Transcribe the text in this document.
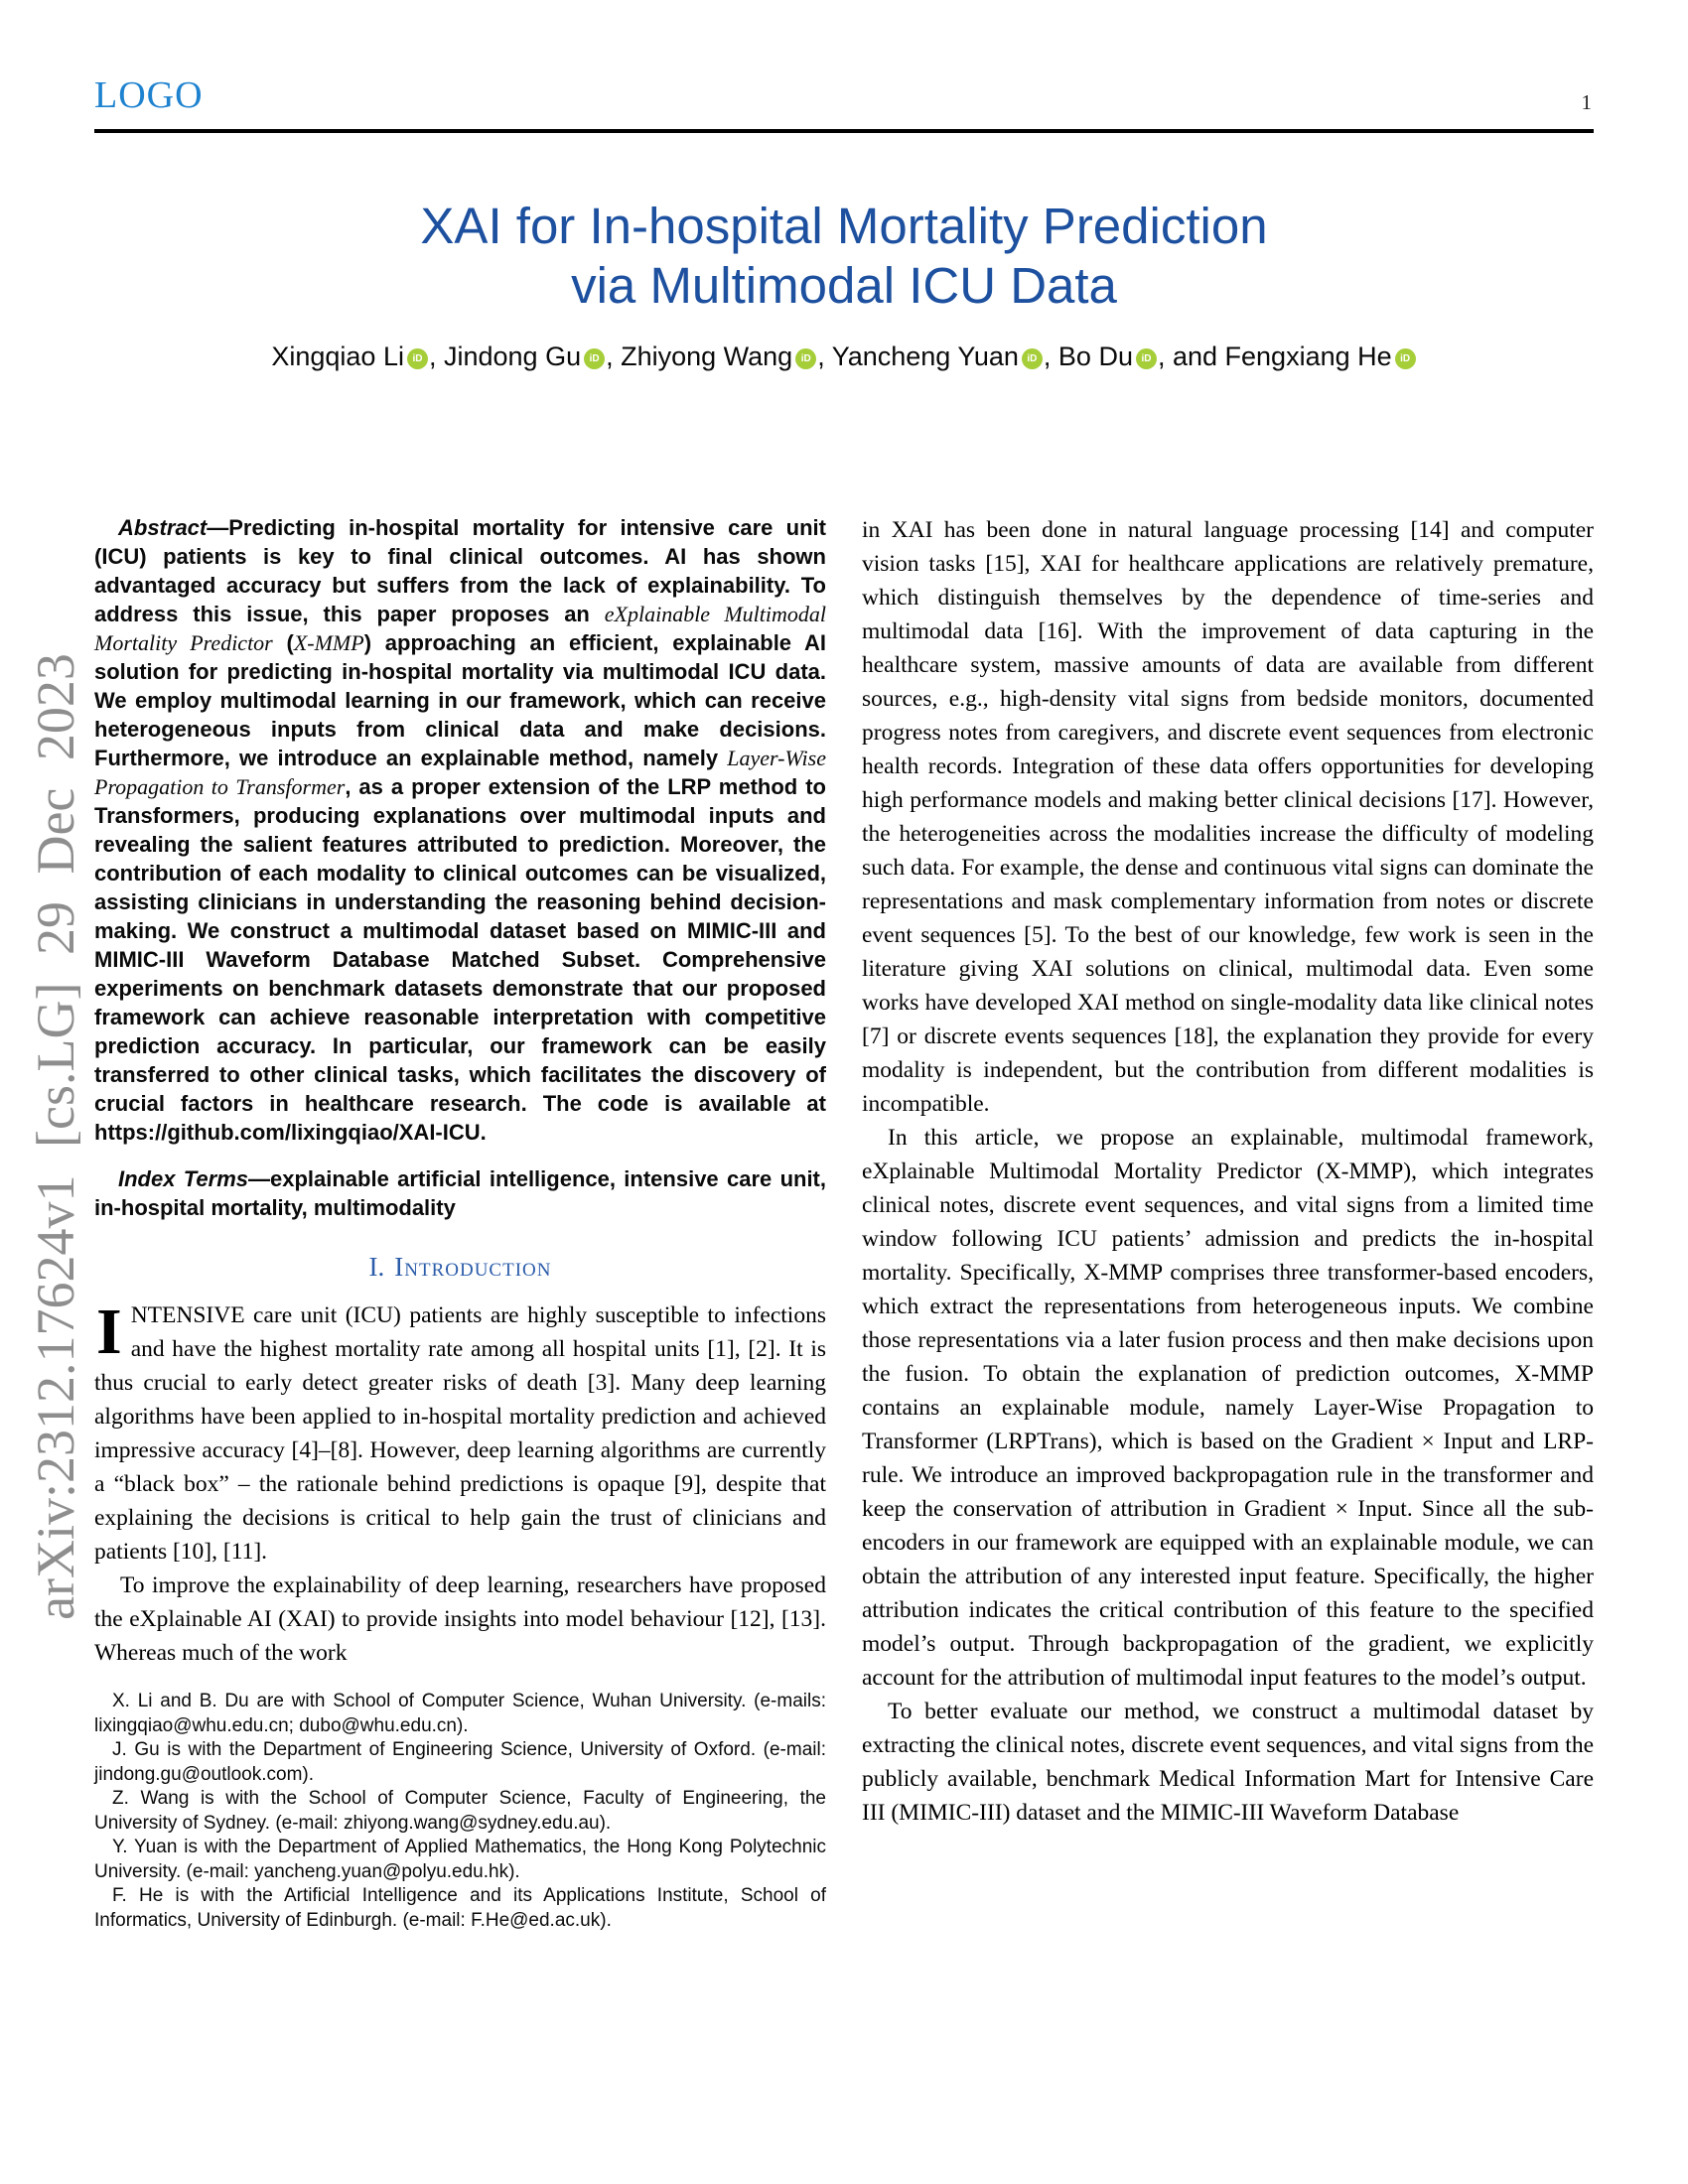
arXiv:2312.17624v1 [cs.LG] 29 Dec 2023
LOGO	1
XAI for In-hospital Mortality Prediction
via Multimodal ICU Data
Xingqiao Li iD , Jindong Gu iD , Zhiyong Wang iD , Yancheng Yuan iD , Bo Du iD , and Fengxiang He iD

Abstract—Predicting in-hospital mortality for intensive care unit (ICU) patients is key to final clinical outcomes. AI has shown advantaged accuracy but suffers from the lack of explainability. To address this issue, this paper proposes an eXplainable Multimodal Mortality Predictor (X-MMP) approaching an efficient, explainable AI solution for predicting in-hospital mortality via multimodal ICU data. We employ multimodal learning in our framework, which can receive heterogeneous inputs from clinical data and make decisions. Furthermore, we introduce an explainable method, namely Layer-Wise Propagation to Transformer, as a proper extension of the LRP method to Transformers, producing explanations over multimodal inputs and revealing the salient features attributed to prediction. Moreover, the contribution of each modality to clinical outcomes can be visualized, assisting clinicians in understanding the reasoning behind decision-making. We construct a multimodal dataset based on MIMIC-III and MIMIC-III Waveform Database Matched Subset. Comprehensive experiments on benchmark datasets demonstrate that our proposed framework can achieve reasonable interpretation with competitive prediction accuracy. In particular, our framework can be easily transferred to other clinical tasks, which facilitates the discovery of crucial factors in healthcare research. The code is available at https://github.com/lixingqiao/XAI-ICU.

Index Terms—explainable artificial intelligence, intensive care unit, in-hospital mortality, multimodality

I. Introduction

INTENSIVE care unit (ICU) patients are highly susceptible to infections and have the highest mortality rate among all hospital units [1], [2]. It is thus crucial to early detect greater risks of death [3]. Many deep learning algorithms have been applied to in-hospital mortality prediction and achieved impressive accuracy [4]–[8]. However, deep learning algorithms are currently a “black box” – the rationale behind predictions is opaque [9], despite that explaining the decisions is critical to help gain the trust of clinicians and patients [10], [11].

To improve the explainability of deep learning, researchers have proposed the eXplainable AI (XAI) to provide insights into model behaviour [12], [13]. Whereas much of the work

X. Li and B. Du are with School of Computer Science, Wuhan University. (e-mails: lixingqiao@whu.edu.cn; dubo@whu.edu.cn).

J. Gu is with the Department of Engineering Science, University of Oxford. (e-mail: jindong.gu@outlook.com).

Z. Wang is with the School of Computer Science, Faculty of Engineering, the University of Sydney. (e-mail: zhiyong.wang@sydney.edu.au).

Y. Yuan is with the Department of Applied Mathematics, the Hong Kong Polytechnic University. (e-mail: yancheng.yuan@polyu.edu.hk).

F. He is with the Artificial Intelligence and its Applications Institute, School of Informatics, University of Edinburgh. (e-mail: F.He@ed.ac.uk).

in XAI has been done in natural language processing [14] and computer vision tasks [15], XAI for healthcare applications are relatively premature, which distinguish themselves by the dependence of time-series and multimodal data [16]. With the improvement of data capturing in the healthcare system, massive amounts of data are available from different sources, e.g., high-density vital signs from bedside monitors, documented progress notes from caregivers, and discrete event sequences from electronic health records. Integration of these data offers opportunities for developing high performance models and making better clinical decisions [17]. However, the heterogeneities across the modalities increase the difficulty of modeling such data. For example, the dense and continuous vital signs can dominate the representations and mask complementary information from notes or discrete event sequences [5]. To the best of our knowledge, few work is seen in the literature giving XAI solutions on clinical, multimodal data. Even some works have developed XAI method on single-modality data like clinical notes [7] or discrete events sequences [18], the explanation they provide for every modality is independent, but the contribution from different modalities is incompatible.

In this article, we propose an explainable, multimodal framework, eXplainable Multimodal Mortality Predictor (X-MMP), which integrates clinical notes, discrete event sequences, and vital signs from a limited time window following ICU patients’ admission and predicts the in-hospital mortality. Specifically, X-MMP comprises three transformer-based encoders, which extract the representations from heterogeneous inputs. We combine those representations via a later fusion process and then make decisions upon the fusion. To obtain the explanation of prediction outcomes, X-MMP contains an explainable module, namely Layer-Wise Propagation to Transformer (LRPTrans), which is based on the Gradient × Input and LRP-rule. We introduce an improved backpropagation rule in the transformer and keep the conservation of attribution in Gradient × Input. Since all the sub-encoders in our framework are equipped with an explainable module, we can obtain the attribution of any interested input feature. Specifically, the higher attribution indicates the critical contribution of this feature to the specified model’s output. Through backpropagation of the gradient, we explicitly account for the attribution of multimodal input features to the model’s output.

To better evaluate our method, we construct a multimodal dataset by extracting the clinical notes, discrete event sequences, and vital signs from the publicly available, benchmark Medical Information Mart for Intensive Care III (MIMIC-III) dataset and the MIMIC-III Waveform Database
